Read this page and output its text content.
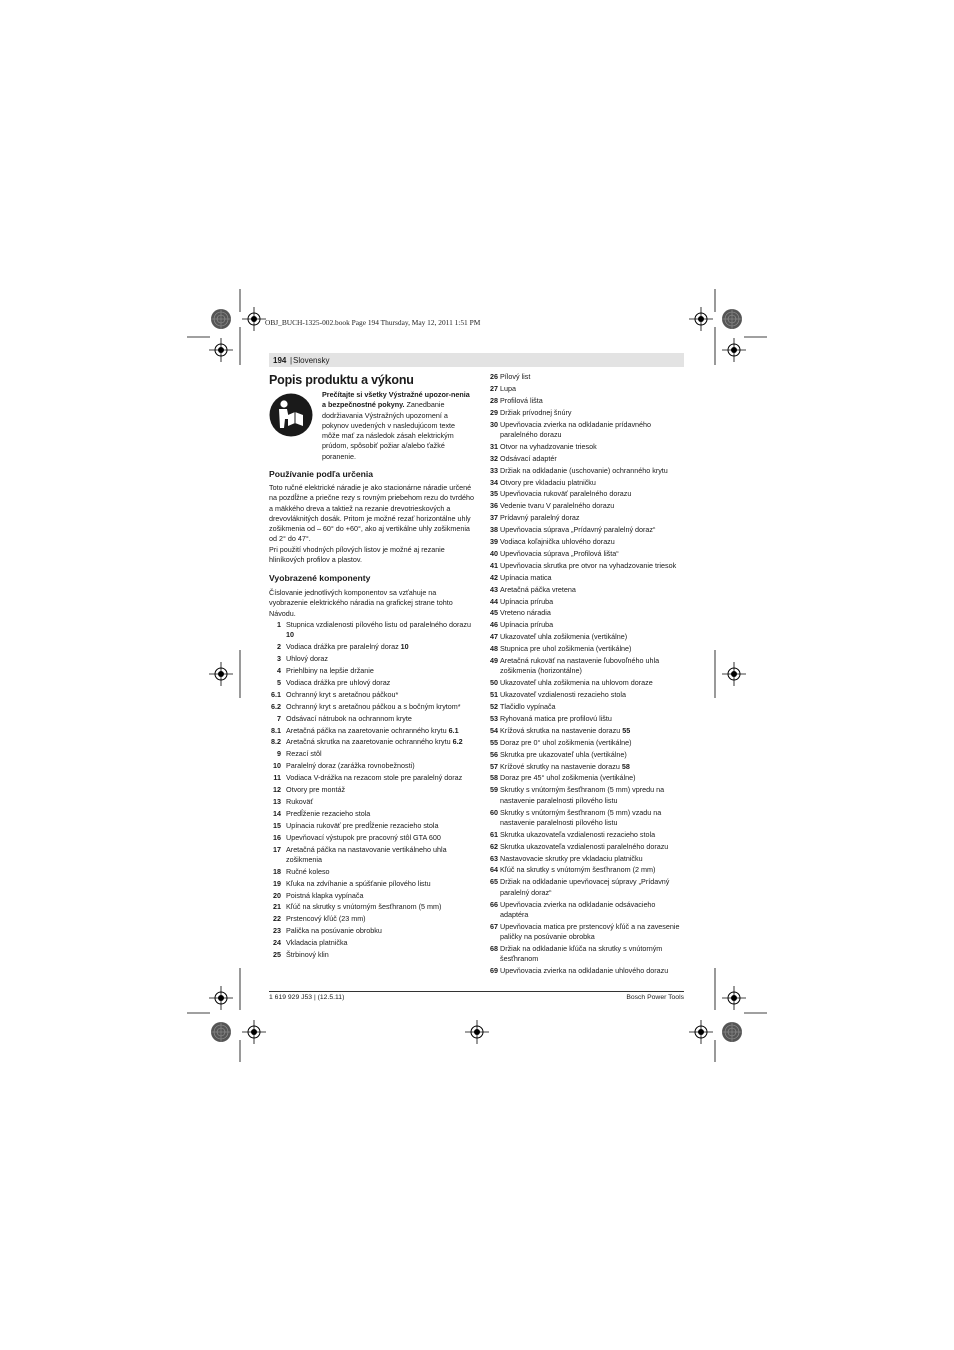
OBJ_BUCH-1325-002.book Page 194 Thursday, May 12, 2011 1:51 PM
194 | Slovensky
Popis produktu a výkonu
Prečítajte si všetky Výstražné upozor-nenia a bezpečnostné pokyny. Zanedbanie dodržiavania Výstražných upozornení a pokynov uvedených v nasledujúcom texte môže mať za následok zásah elektrickým prúdom, spôsobiť požiar a/alebo ťažké poranenie.
Používanie podľa určenia
Toto ručné elektrické náradie je ako stacionárne náradie určené na pozdĺžne a priečne rezy s rovným priebehom rezu do tvrdého a mäkkého dreva a taktiež na rezanie drevotrieskových a drevovláknitých dosák. Pritom je možné rezať horizontálne uhly zošikmenia od – 60° do +60°, ako aj vertikálne uhly zošikmenia od 2° do 47°.
Pri použití vhodných pílových listov je možné aj rezanie hliníkových profilov a plastov.
Vyobrazené komponenty
Číslovanie jednotlivých komponentov sa vzťahuje na vyobrazenie elektrického náradia na grafickej strane tohto Návodu.
1 Stupnica vzdialenosti pílového listu od paralelného dorazu 10
2 Vodiaca drážka pre paralelný doraz 10
3 Uhlový doraz
4 Priehlbiny na lepšie držanie
5 Vodiaca drážka pre uhlový doraz
6.1 Ochranný kryt s aretačnou páčkou*
6.2 Ochranný kryt s aretačnou páčkou a s bočným krytom*
7 Odsávací nátrubok na ochrannom kryte
8.1 Aretačná páčka na zaaretovanie ochranného krytu 6.1
8.2 Aretačná skrutka na zaaretovanie ochranného krytu 6.2
9 Rezací stôl
10 Paralelný doraz (zarážka rovnobežnosti)
11 Vodiaca V-drážka na rezacom stole pre paralelný doraz
12 Otvory pre montáž
13 Rukoväť
14 Predĺženie rezacieho stola
15 Upínacia rukoväť pre predĺženie rezacieho stola
16 Upevňovací výstupok pre pracovný stôl GTA 600
17 Aretačná páčka na nastavovanie vertikálneho uhla zošikmenia
18 Ručné koleso
19 Kľuka na zdvíhanie a spúšťanie pílového listu
20 Poistná klapka vypínača
21 Kľúč na skrutky s vnútorným šesťhranom (5 mm)
22 Prstencový kľúč (23 mm)
23 Palička na posúvanie obrobku
24 Vkladacia platnička
25 Štrbinový klin
26 Pílový list
27 Lupa
28 Profilová lišta
29 Držiak prívodnej šnúry
30 Upevňovacia zvierka na odkladanie prídavného paralelného dorazu
31 Otvor na vyhadzovanie triesok
32 Odsávací adaptér
33 Držiak na odkladanie (uschovanie) ochranného krytu
34 Otvory pre vkladaciu platničku
35 Upevňovacia rukoväť paralelného dorazu
36 Vedenie tvaru V paralelného dorazu
37 Prídavný paralelný doraz
38 Upevňovacia súprava „Prídavný paralelný doraz“
39 Vodiaca koľajnička uhlového dorazu
40 Upevňovacia súprava „Profilová lišta“
41 Upevňovacia skrutka pre otvor na vyhadzovanie triesok
42 Upínacia matica
43 Aretačná páčka vretena
44 Upínacia príruba
45 Vreteno náradia
46 Upínacia príruba
47 Ukazovateľ uhla zošikmenia (vertikálne)
48 Stupnica pre uhol zošikmenia (vertikálne)
49 Aretačná rukoväť na nastavenie ľubovoľného uhla zošikmenia (horizontálne)
50 Ukazovateľ uhla zošikmenia na uhlovom doraze
51 Ukazovateľ vzdialenosti rezacieho stola
52 Tlačidlo vypínača
53 Ryhovaná matica pre profilovú lištu
54 Krížová skrutka na nastavenie dorazu 55
55 Doraz pre 0° uhol zošikmenia (vertikálne)
56 Skrutka pre ukazovateľ uhla (vertikálne)
57 Krížové skrutky na nastavenie dorazu 58
58 Doraz pre 45° uhol zošikmenia (vertikálne)
59 Skrutky s vnútorným šesťhranom (5 mm) vpredu na nastavenie paralelnosti pílového listu
60 Skrutky s vnútorným šesťhranom (5 mm) vzadu na nastavenie paralelnosti pílového listu
61 Skrutka ukazovateľa vzdialenosti rezacieho stola
62 Skrutka ukazovateľa vzdialenosti paralelného dorazu
63 Nastavovacie skrutky pre vkladaciu platničku
64 Kľúč na skrutky s vnútorným šesťhranom (2 mm)
65 Držiak na odkladanie upevňovacej súpravy „Prídavný paralelný doraz“
66 Upevňovacia zvierka na odkladanie odsávacieho adaptéra
67 Upevňovacia matica pre prstencový kľúč a na zavesenie paličky na posúvanie obrobka
68 Držiak na odkladanie kľúča na skrutky s vnútorným šesťhranom
69 Upevňovacia zvierka na odkladanie uhlového dorazu
1 619 929 J53 | (12.5.11)	Bosch Power Tools
